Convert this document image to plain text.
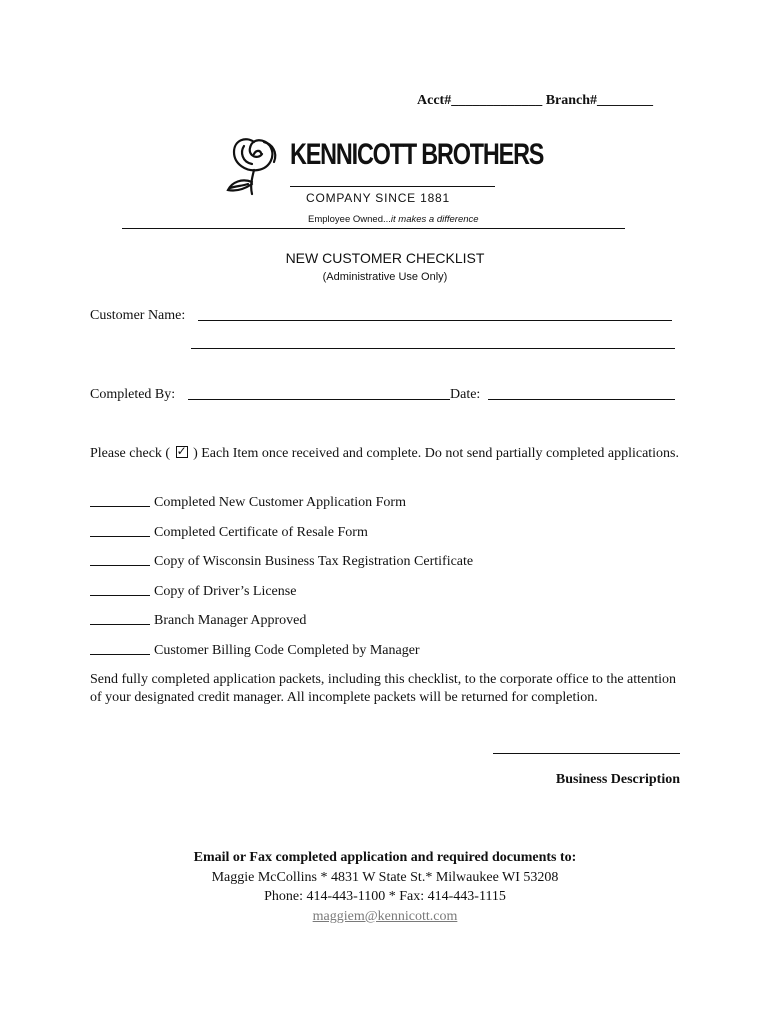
Acct#_____________ Branch#________
KENNICOTT BROTHERS
COMPANY SINCE 1881
Employee Owned...it makes a difference
NEW CUSTOMER CHECKLIST
(Administrative Use Only)
Customer Name:
Completed By:	Date:
Please check ( ✓ ) Each Item once received and complete. Do not send partially completed applications.
Completed New Customer Application Form
Completed Certificate of Resale Form
Copy of Wisconsin Business Tax Registration Certificate
Copy of Driver’s License
Branch Manager Approved
Customer Billing Code Completed by Manager
Send fully completed application packets, including this checklist, to the corporate office to the attention of your designated credit manager. All incomplete packets will be returned for completion.
Business Description
Email or Fax completed application and required documents to:
Maggie McCollins * 4831 W State St.* Milwaukee WI 53208
Phone: 414-443-1100 * Fax: 414-443-1115
maggiem@kennicott.com
